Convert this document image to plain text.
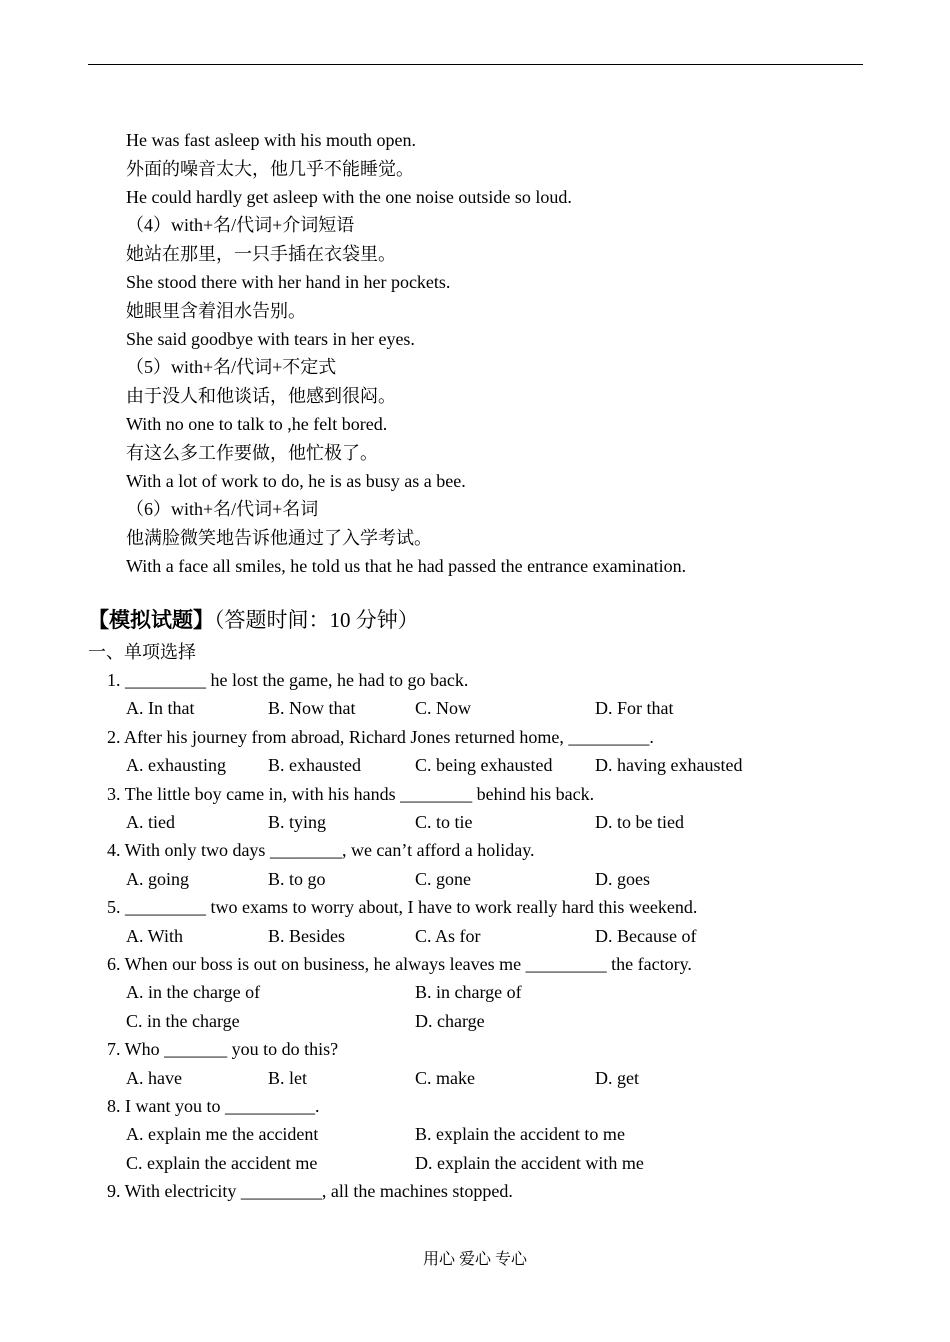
He was fast asleep with his mouth open.
外面的噪音太大，他几乎不能睡觉。
He could hardly get asleep with the one noise outside so loud.
（4）with+名/代词+介词短语
她站在那里，一只手插在衣袋里。
She stood there with her hand in her pockets.
她眼里含着泪水告别。
She said goodbye with tears in her eyes.
（5）with+名/代词+不定式
由于没人和他谈话，他感到很闷。
With no one to talk to ,he felt bored.
有这么多工作要做，他忙极了。
With a lot of work to do, he is as busy as a bee.
（6）with+名/代词+名词
他满脸微笑地告诉他通过了入学考试。
With a face all smiles, he told us that he had passed the entrance examination.
【模拟试题】（答题时间：10 分钟）
一、单项选择
1. _________ he lost the game, he had to go back.
A. In that	B. Now that	C. Now	D. For that
2. After his journey from abroad, Richard Jones returned home, _________.
A. exhausting B. exhausted	C. being exhausted D. having exhausted
3. The little boy came in, with his hands ________ behind his back.
A. tied	B. tying	C. to tie	D. to be tied
4. With only two days ________, we can’t afford a holiday.
A. going	B. to go	C. gone	D. goes
5. _________ two exams to worry about, I have to work really hard this weekend.
A. With	B. Besides	C. As for	D. Because of
6. When our boss is out on business, he always leaves me _________ the factory.
A. in the charge of	B. in charge of
C. in the charge	D. charge
7. Who _______ you to do this?
A. have	B. let	C. make	D. get
8. I want you to __________.
A. explain me the accident	B. explain the accident to me
C. explain the accident me	D. explain the accident with me
9. With electricity _________, all the machines stopped.
用心 爱心 专心
